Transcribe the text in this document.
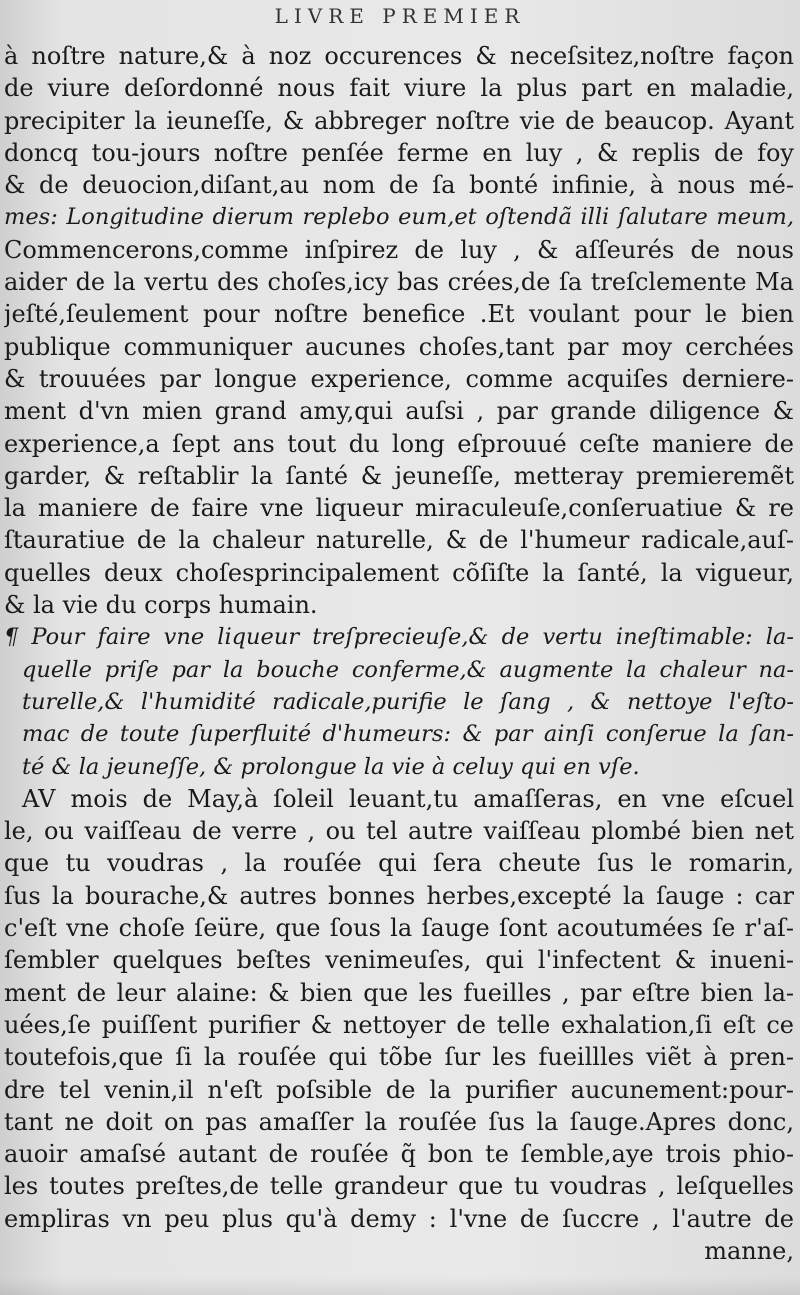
LIVRE PREMIER
à noſtre nature,& à noz occurences & neceſsitez,noſtre façon
de viure deſordonné nous fait viure la plus part en maladie,
precipiter la ieuneſſe, & abbreger noſtre vie de beaucop. Ayant
doncq tou-jours noſtre penſée ferme en luy , & replis de foy
& de deuocion,diſant,au nom de ſa bonté infinie, à nous mé-
mes: Longitudine dierum replebo eum,et oſtendã illi ſalutare meum,
Commencerons,comme inſpirez de luy , & aſſeurés de nous
aider de la vertu des choſes,icy bas crées,de ſa treſclemente Ma
jeſté,ſeulement pour noſtre benefice .Et voulant pour le bien
publique communiquer aucunes choſes,tant par moy cerchées
& trouuées par longue experience, comme acquiſes derniere-
ment d'vn mien grand amy,qui auſsi , par grande diligence &
experience,a ſept ans tout du long eſprouué ceſte maniere de
garder, & reſtablir la ſanté & jeuneſſe, metteray premieremẽt
la maniere de faire vne liqueur miraculeuſe,conſeruatiue & re
ſtauratiue de la chaleur naturelle, & de l'humeur radicale,auſ-
quelles deux choſesprincipalement cõſiſte la ſanté, la vigueur,
& la vie du corps humain.
¶ Pour faire vne liqueur treſprecieuſe,& de vertu ineſtimable: la-
quelle priſe par la bouche conferme,& augmente la chaleur na-
turelle,& l'humidité radicale,purifie le ſang , & nettoye l'eſto-
mac de toute ſuperfluité d'humeurs: & par ainſi conſerue la ſan-
té & la jeuneſſe, & prolongue la vie à celuy qui en vſe.
AV mois de May,à ſoleil leuant,tu amaſſeras, en vne eſcuel
le, ou vaiſſeau de verre , ou tel autre vaiſſeau plombé bien net
que tu voudras , la rouſée qui ſera cheute ſus le romarin,
ſus la bourache,& autres bonnes herbes,excepté la ſauge : car
c'eſt vne choſe ſeüre, que ſous la ſauge ſont acoutumées ſe r'aſ-
ſembler quelques beſtes venimeuſes, qui l'infectent & inueni-
ment de leur alaine: & bien que les fueilles , par eſtre bien la-
uées,ſe puiſſent purifier & nettoyer de telle exhalation,ſi eſt ce
toutefois,que ſi la rouſée qui tõbe ſur les fueillles viẽt à pren-
dre tel venin,il n'eſt poſsible de la purifier aucunement:pour-
tant ne doit on pas amaſſer la rouſée ſus la ſauge.Apres donc,
auoir amaſsé autant de rouſée q̃ bon te ſemble,aye trois phio-
les toutes preſtes,de telle grandeur que tu voudras , leſquelles
empliras vn peu plus qu'à demy : l'vne de ſuccre , l'autre de
manne,
